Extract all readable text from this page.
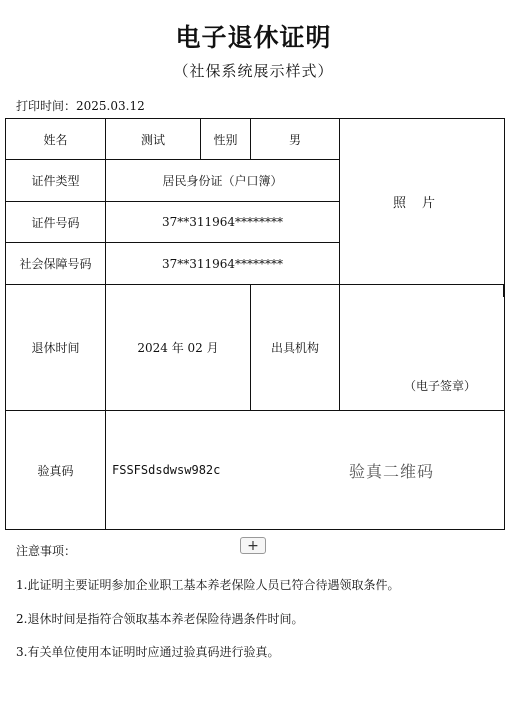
电子退休证明
（社保系统展示样式）
打印时间：2025.03.12
姓名	测试	性别	男	照片
证件类型	居民身份证（户口簿）			
证件号码	37**311964********			
社会保障号码	37**311964********			
退休时间	2024 年 02 月		出具机构	（电子签章）

验真码	FSSFSdsdwsw982c 验真二维码			
注意事项：	+
1.此证明主要证明参加企业职工基本养老保险人员已符合待遇领取条件。
2.退休时间是指符合领取基本养老保险待遇条件时间。
3.有关单位使用本证明时应通过验真码进行验真。
